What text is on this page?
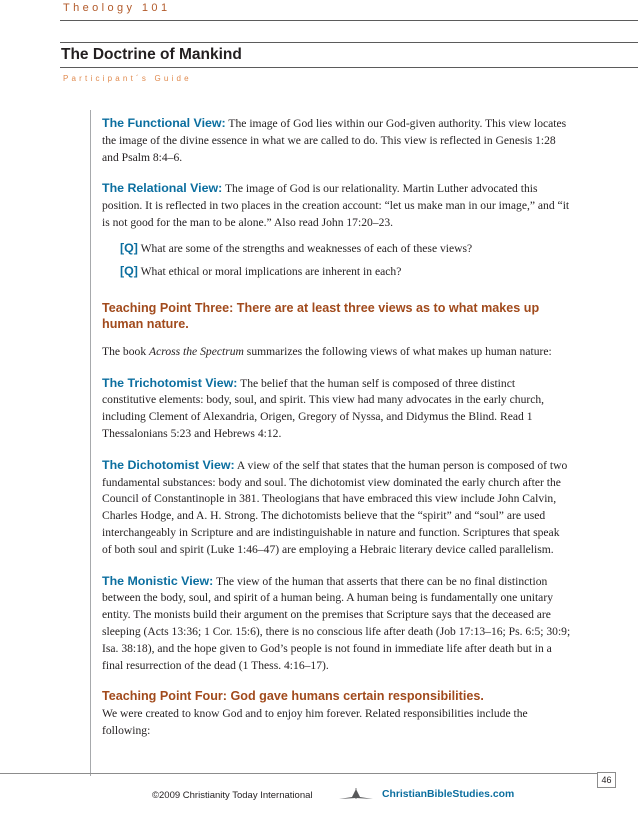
Theology 101
The Doctrine of Mankind
Participant´s Guide

The Functional View: The image of God lies within our God-given authority. This view locates the image of the divine essence in what we are called to do. This view is reflected in Genesis 1:28 and Psalm 8:4–6.

The Relational View: The image of God is our relationality. Martin Luther advocated this position. It is reflected in two places in the creation account: “let us make man in our image,” and “it is not good for the man to be alone.” Also read John 17:20–23.

[Q] What are some of the strengths and weaknesses of each of these views?

[Q] What ethical or moral implications are inherent in each?

Teaching Point Three: There are at least three views as to what makes up human nature.

The book Across the Spectrum summarizes the following views of what makes up human nature:

The Trichotomist View: The belief that the human self is composed of three distinct constitutive elements: body, soul, and spirit. This view had many advocates in the early church, including Clement of Alexandria, Origen, Gregory of Nyssa, and Didymus the Blind. Read 1 Thessalonians 5:23 and Hebrews 4:12.

The Dichotomist View: A view of the self that states that the human person is composed of two fundamental substances: body and soul. The dichotomist view dominated the early church after the Council of Constantinople in 381. Theologians that have embraced this view include John Calvin, Charles Hodge, and A. H. Strong. The dichotomists believe that the “spirit” and “soul” are used interchangeably in Scripture and are indistinguishable in nature and function. Scriptures that speak of both soul and spirit (Luke 1:46–47) are employing a Hebraic literary device called parallelism.

The Monistic View: The view of the human that asserts that there can be no final distinction between the body, soul, and spirit of a human being. A human being is fundamentally one unitary entity. The monists build their argument on the premises that Scripture says that the deceased are sleeping (Acts 13:36; 1 Cor. 15:6), there is no conscious life after death (Job 17:13–16; Ps. 6:5; 30:9; Isa. 38:18), and the hope given to God’s people is not found in immediate life after death but in a final resurrection of the dead (1 Thess. 4:16–17).

Teaching Point Four: God gave humans certain responsibilities.

We were created to know God and to enjoy him forever. Related responsibilities include the following:

46
©2009 Christianity Today International	ChristianBibleStudies.com
